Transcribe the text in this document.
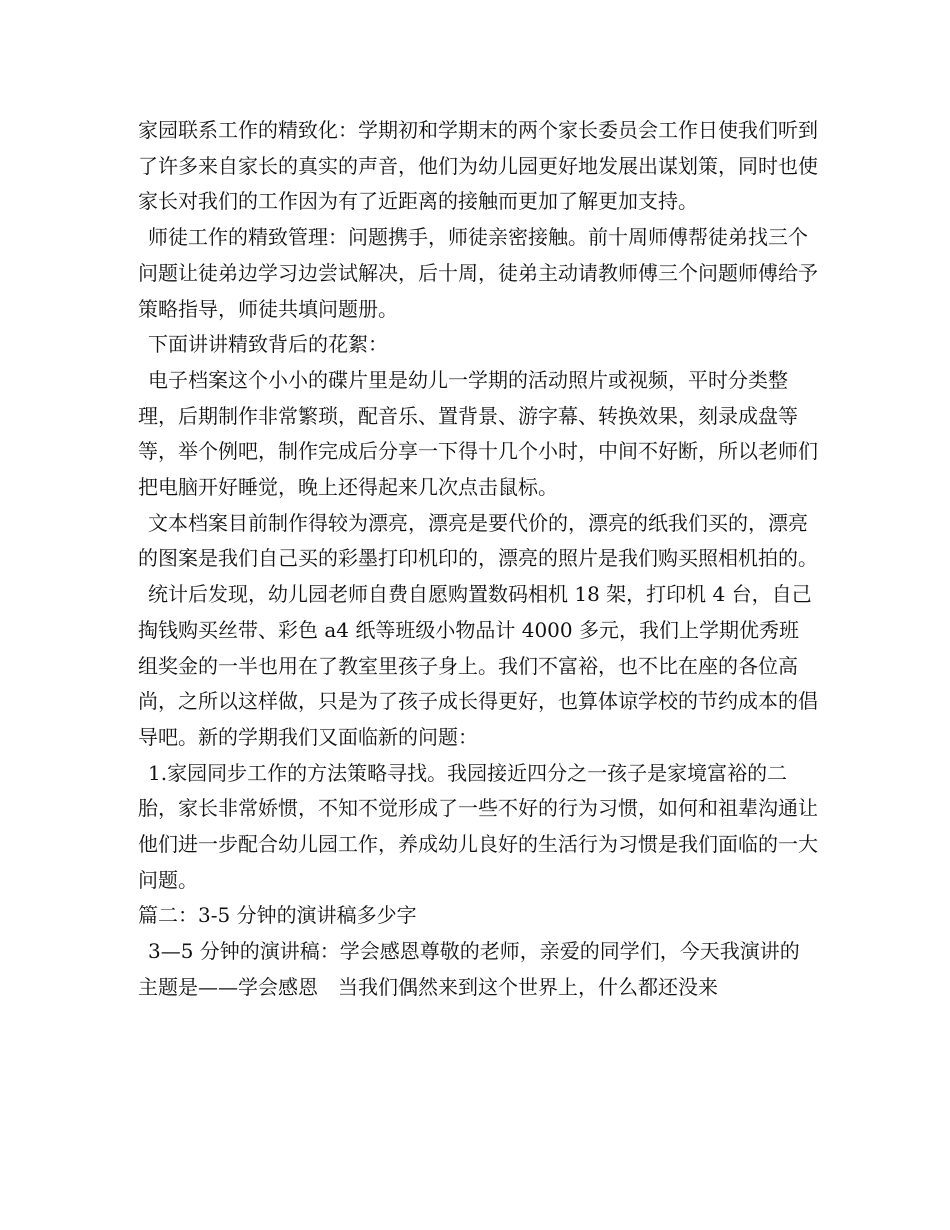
家园联系工作的精致化：学期初和学期末的两个家长委员会工作日使我们听到了许多来自家长的真实的声音，他们为幼儿园更好地发展出谋划策，同时也使家长对我们的工作因为有了近距离的接触而更加了解更加支持。

师徒工作的精致管理：问题携手，师徒亲密接触。前十周师傅帮徒弟找三个问题让徒弟边学习边尝试解决，后十周，徒弟主动请教师傅三个问题师傅给予策略指导，师徒共填问题册。

下面讲讲精致背后的花絮：

电子档案这个小小的碟片里是幼儿一学期的活动照片或视频，平时分类整理，后期制作非常繁琐，配音乐、置背景、游字幕、转换效果，刻录成盘等等，举个例吧，制作完成后分享一下得十几个小时，中间不好断，所以老师们把电脑开好睡觉，晚上还得起来几次点击鼠标。

文本档案目前制作得较为漂亮，漂亮是要代价的，漂亮的纸我们买的，漂亮的图案是我们自己买的彩墨打印机印的，漂亮的照片是我们购买照相机拍的。

统计后发现，幼儿园老师自费自愿购置数码相机 18 架，打印机 4 台，自己掏钱购买丝带、彩色 a4 纸等班级小物品计 4000 多元，我们上学期优秀班组奖金的一半也用在了教室里孩子身上。我们不富裕，也不比在座的各位高尚，之所以这样做，只是为了孩子成长得更好，也算体谅学校的节约成本的倡导吧。新的学期我们又面临新的问题：

1.家园同步工作的方法策略寻找。我园接近四分之一孩子是家境富裕的二胎，家长非常娇惯，不知不觉形成了一些不好的行为习惯，如何和祖辈沟通让他们进一步配合幼儿园工作，养成幼儿良好的生活行为习惯是我们面临的一大问题。

篇二：3-5 分钟的演讲稿多少字

3—5 分钟的演讲稿：学会感恩尊敬的老师，亲爱的同学们，今天我演讲的主题是——学会感恩　当我们偶然来到这个世界上，什么都还没来
